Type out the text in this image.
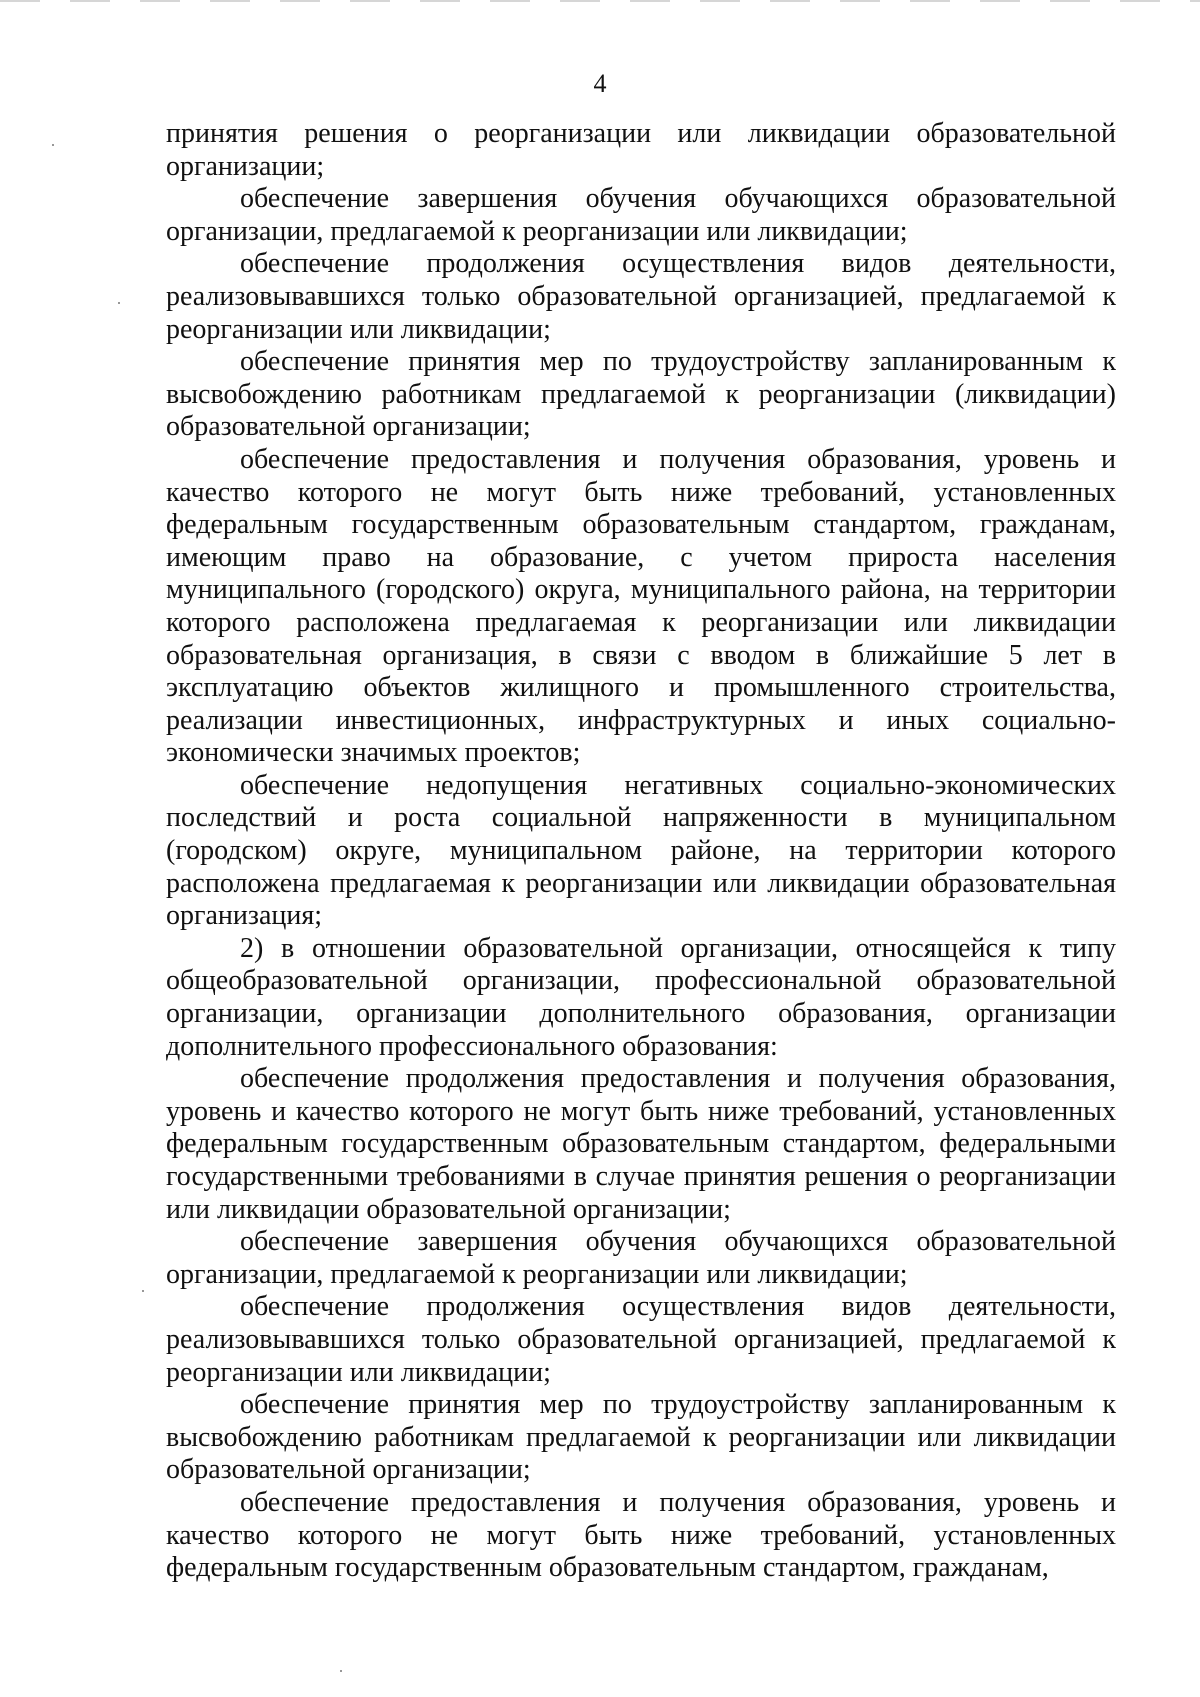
4

принятия решения о реорганизации или ликвидации образовательной организации;

обеспечение завершения обучения обучающихся образовательной организации, предлагаемой к реорганизации или ликвидации;

обеспечение продолжения осуществления видов деятельности, реализовывавшихся только образовательной организацией, предлагаемой к реорганизации или ликвидации;

обеспечение принятия мер по трудоустройству запланированным к высвобождению работникам предлагаемой к реорганизации (ликвидации) образовательной организации;

обеспечение предоставления и получения образования, уровень и качество которого не могут быть ниже требований, установленных федеральным государственным образовательным стандартом, гражданам, имеющим право на образование, с учетом прироста населения муниципального (городского) округа, муниципального района, на территории которого расположена предлагаемая к реорганизации или ликвидации образовательная организация, в связи с вводом в ближайшие 5 лет в эксплуатацию объектов жилищного и промышленного строительства, реализации инвестиционных, инфраструктурных и иных социально-экономически значимых проектов;

обеспечение недопущения негативных социально-экономических последствий и роста социальной напряженности в муниципальном (городском) округе, муниципальном районе, на территории которого расположена предлагаемая к реорганизации или ликвидации образовательная организация;

2) в отношении образовательной организации, относящейся к типу общеобразовательной организации, профессиональной образовательной организации, организации дополнительного образования, организации дополнительного профессионального образования:

обеспечение продолжения предоставления и получения образования, уровень и качество которого не могут быть ниже требований, установленных федеральным государственным образовательным стандартом, федеральными государственными требованиями в случае принятия решения о реорганизации или ликвидации образовательной организации;

обеспечение завершения обучения обучающихся образовательной организации, предлагаемой к реорганизации или ликвидации;

обеспечение продолжения осуществления видов деятельности, реализовывавшихся только образовательной организацией, предлагаемой к реорганизации или ликвидации;

обеспечение принятия мер по трудоустройству запланированным к высвобождению работникам предлагаемой к реорганизации или ликвидации образовательной организации;

обеспечение предоставления и получения образования, уровень и качество которого не могут быть ниже требований, установленных федеральным государственным образовательным стандартом, гражданам,
